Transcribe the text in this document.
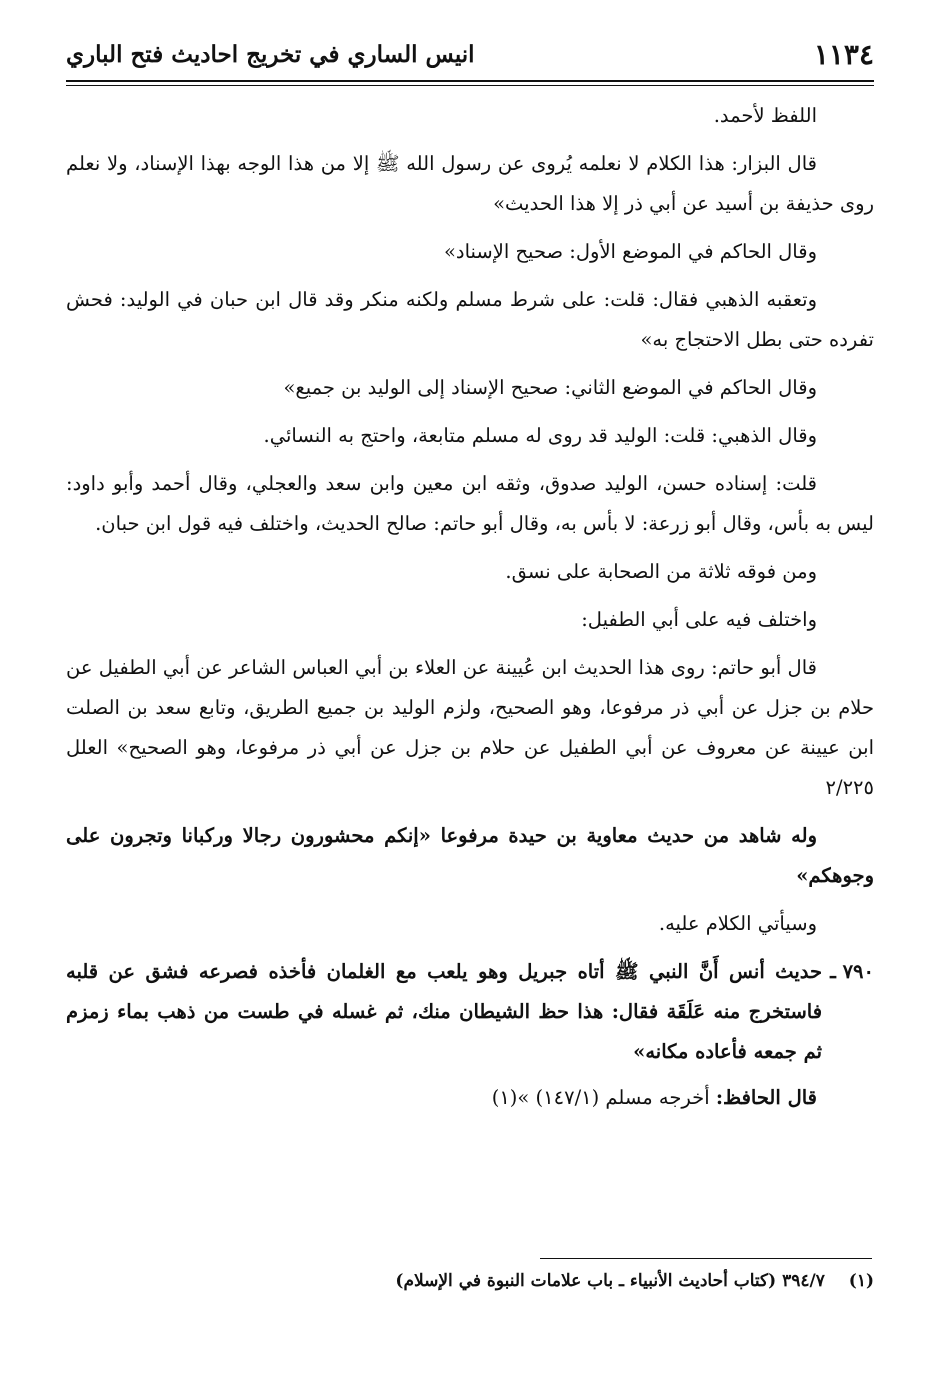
١١٣٤
انيس الساري في تخريج احاديث فتح الباري

اللفظ لأحمد.

قال البزار: هذا الكلام لا نعلمه يُروى عن رسول الله ﷺ إلا من هذا الوجه بهذا الإسناد، ولا نعلم روى حذيفة بن أسيد عن أبي ذر إلا هذا الحديث»

وقال الحاكم في الموضع الأول: صحيح الإسناد»

وتعقبه الذهبي فقال: قلت: على شرط مسلم ولكنه منكر وقد قال ابن حبان في الوليد: فحش تفرده حتى بطل الاحتجاج به»

وقال الحاكم في الموضع الثاني: صحيح الإسناد إلى الوليد بن جميع»

وقال الذهبي: قلت: الوليد قد روى له مسلم متابعة، واحتج به النسائي.

قلت: إسناده حسن، الوليد صدوق، وثقه ابن معين وابن سعد والعجلي، وقال أحمد وأبو داود: ليس به بأس، وقال أبو زرعة: لا بأس به، وقال أبو حاتم: صالح الحديث، واختلف فيه قول ابن حبان.

ومن فوقه ثلاثة من الصحابة على نسق.

واختلف فيه على أبي الطفيل:

قال أبو حاتم: روى هذا الحديث ابن عُيينة عن العلاء بن أبي العباس الشاعر عن أبي الطفيل عن حلام بن جزل عن أبي ذر مرفوعا، وهو الصحيح، ولزم الوليد بن جميع الطريق، وتابع سعد بن الصلت ابن عيينة عن معروف عن أبي الطفيل عن حلام بن جزل عن أبي ذر مرفوعا، وهو الصحيح» العلل ٢/٢٢٥

وله شاهد من حديث معاوية بن حيدة مرفوعا «إنكم محشورون رجالا وركبانا وتجرون على وجوهكم»

وسيأتي الكلام عليه.

٧٩٠ ـ
حديث أنس أَنَّ النبي ﷺ أتاه جبريل وهو يلعب مع الغلمان فأخذه فصرعه فشق عن قلبه فاستخرج منه عَلَقَة فقال: هذا حظ الشيطان منك، ثم غسله في طست من ذهب بماء زمزم ثم جمعه فأعاده مكانه»

قال الحافظ: أخرجه مسلم (١٤٧/١) »(١)

(١) ٣٩٤/٧ (كتاب أحاديث الأنبياء ـ باب علامات النبوة في الإسلام)
